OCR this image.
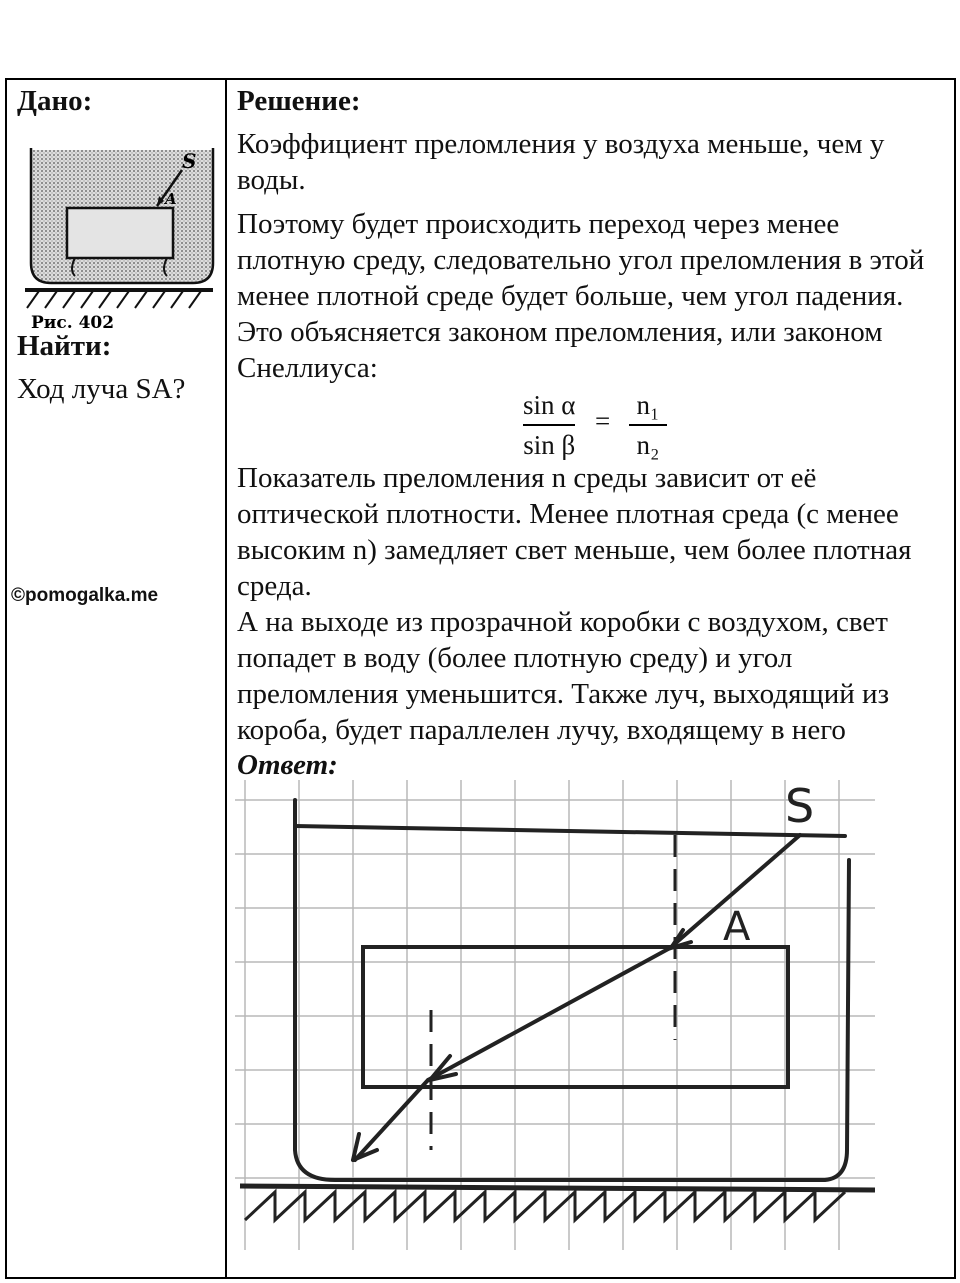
Дано:
S
A
Рис. 402
Найти:
Ход луча SA?
©pomogalka.me
Решение:

Коэффициент преломления у воздуха меньше, чем у воды.

Поэтому будет происходить переход через менее плотную среду, следовательно угол преломления в этой менее плотной среде будет больше, чем угол падения. Это объясняется законом преломления, или законом Снеллиуса:

sin α
sin β
=
n₁
n₂

Показатель преломления n среды зависит от её оптической плотности. Менее плотная среда (с менее высоким n) замедляет свет меньше, чем более плотная среда.

А на выходе из прозрачной коробки с воздухом, свет попадет в воду (более плотную среду) и угол преломления уменьшится. Также луч, выходящий из короба, будет параллелен лучу, входящему в него

Ответ:
S
A
